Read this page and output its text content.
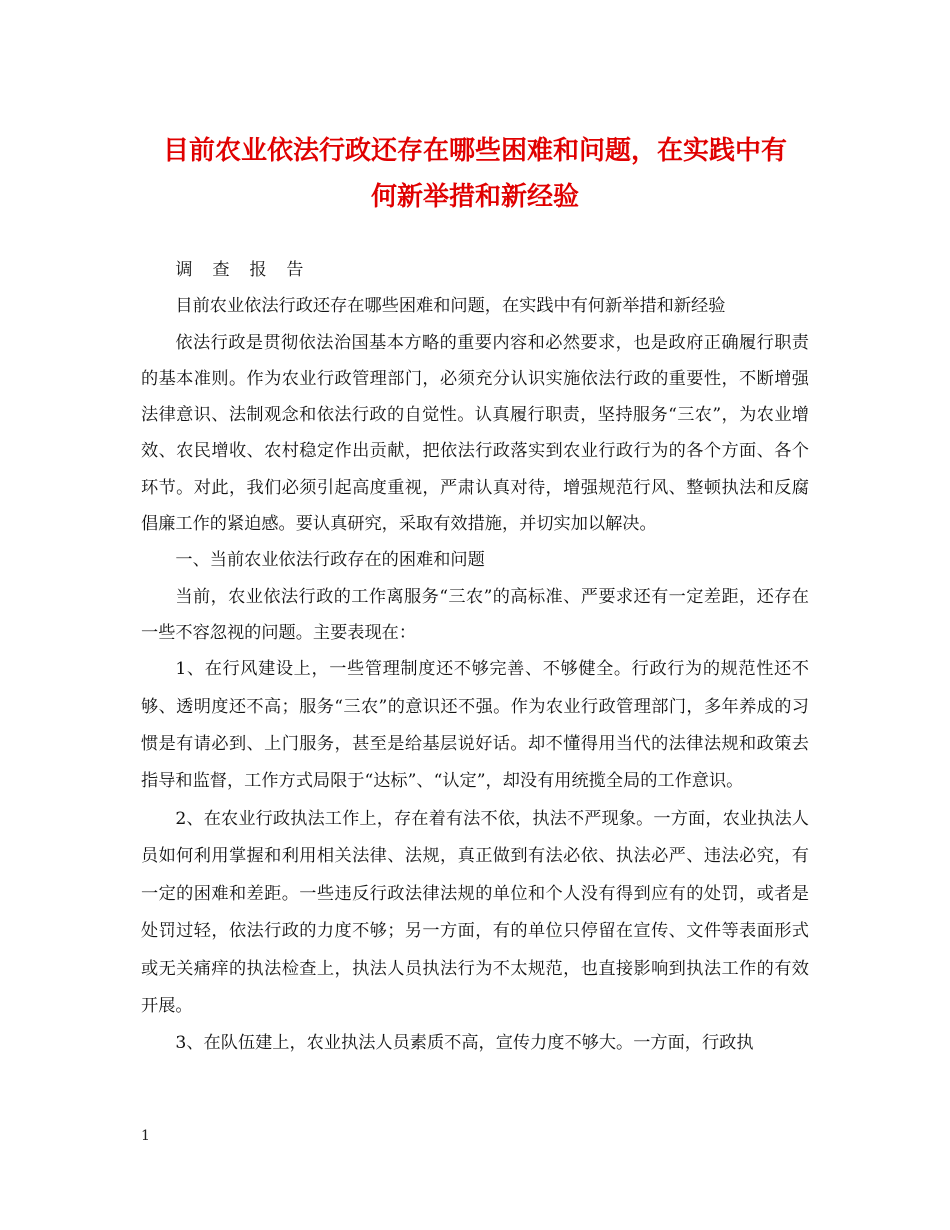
目前农业依法行政还存在哪些困难和问题，在实践中有
何新举措和新经验

调查报告

目前农业依法行政还存在哪些困难和问题，在实践中有何新举措和新经验

依法行政是贯彻依法治国基本方略的重要内容和必然要求，也是政府正确履行职责的基本准则。作为农业行政管理部门，必须充分认识实施依法行政的重要性，不断增强法律意识、法制观念和依法行政的自觉性。认真履行职责，坚持服务“三农”，为农业增效、农民增收、农村稳定作出贡献，把依法行政落实到农业行政行为的各个方面、各个环节。对此，我们必须引起高度重视，严肃认真对待，增强规范行风、整顿执法和反腐倡廉工作的紧迫感。要认真研究，采取有效措施，并切实加以解决。

一、当前农业依法行政存在的困难和问题

当前，农业依法行政的工作离服务“三农”的高标准、严要求还有一定差距，还存在一些不容忽视的问题。主要表现在：

1、在行风建设上，一些管理制度还不够完善、不够健全。行政行为的规范性还不够、透明度还不高；服务“三农”的意识还不强。作为农业行政管理部门，多年养成的习惯是有请必到、上门服务，甚至是给基层说好话。却不懂得用当代的法律法规和政策去指导和监督，工作方式局限于“达标”、“认定”，却没有用统揽全局的工作意识。

2、在农业行政执法工作上，存在着有法不依，执法不严现象。一方面，农业执法人员如何利用掌握和利用相关法律、法规，真正做到有法必依、执法必严、违法必究，有一定的困难和差距。一些违反行政法律法规的单位和个人没有得到应有的处罚，或者是处罚过轻，依法行政的力度不够；另一方面，有的单位只停留在宣传、文件等表面形式或无关痛痒的执法检查上，执法人员执法行为不太规范，也直接影响到执法工作的有效开展。

3、在队伍建上，农业执法人员素质不高，宣传力度不够大。一方面，行政执

1
